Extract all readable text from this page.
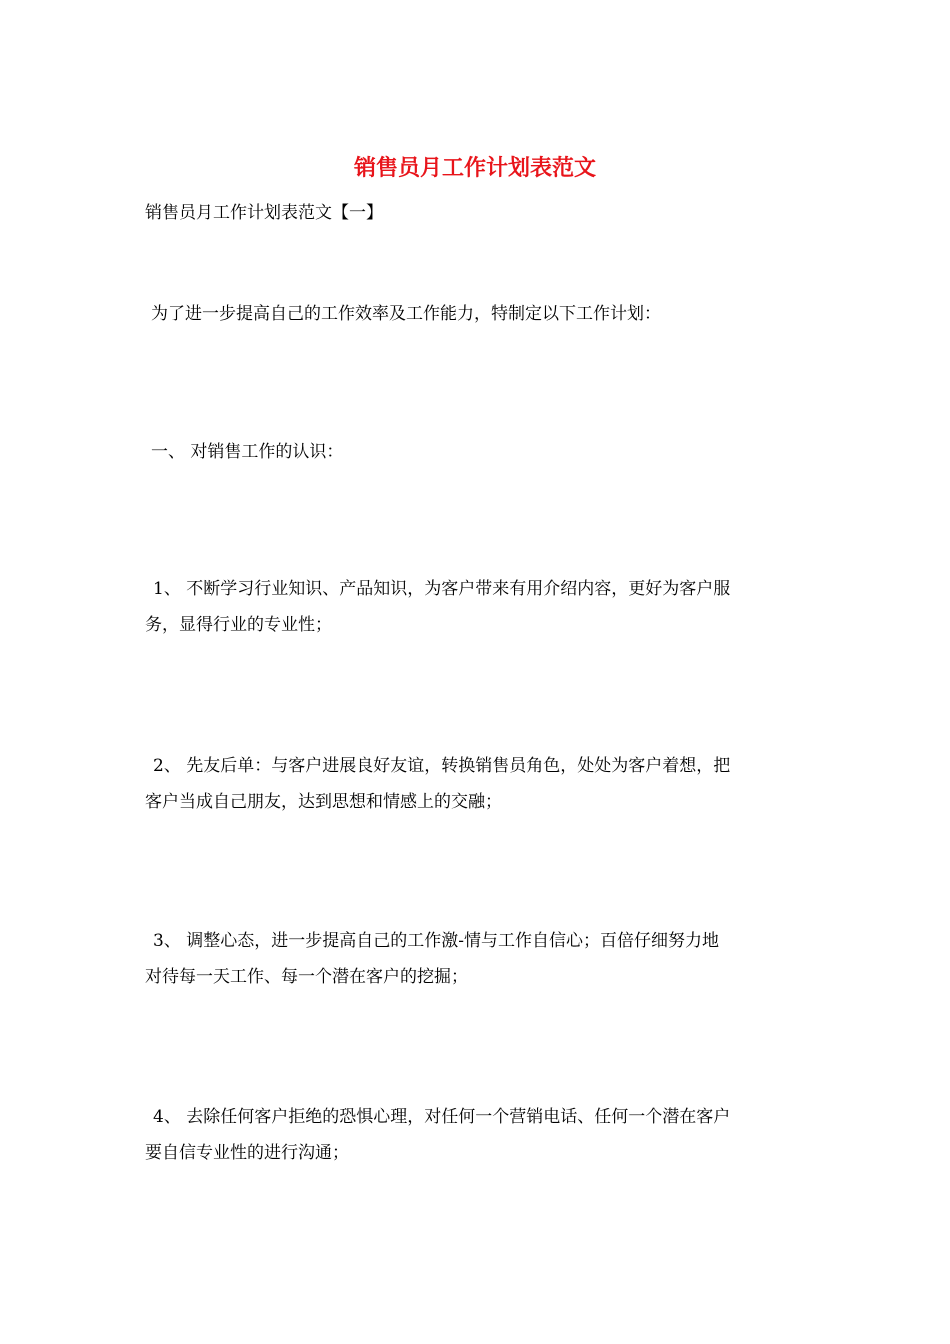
销售员月工作计划表范文
销售员月工作计划表范文【一】
为了进一步提高自己的工作效率及工作能力，特制定以下工作计划：
一、 对销售工作的认识：
1、 不断学习行业知识、产品知识，为客户带来有用介绍内容，更好为客户服
务，显得行业的专业性；
2、 先友后单：与客户进展良好友谊，转换销售员角色，处处为客户着想，把
客户当成自己朋友，达到思想和情感上的交融；
3、 调整心态，进一步提高自己的工作激-情与工作自信心；百倍仔细努力地
对待每一天工作、每一个潜在客户的挖掘；
4、 去除任何客户拒绝的恐惧心理，对任何一个营销电话、任何一个潜在客户
要自信专业性的进行沟通；
